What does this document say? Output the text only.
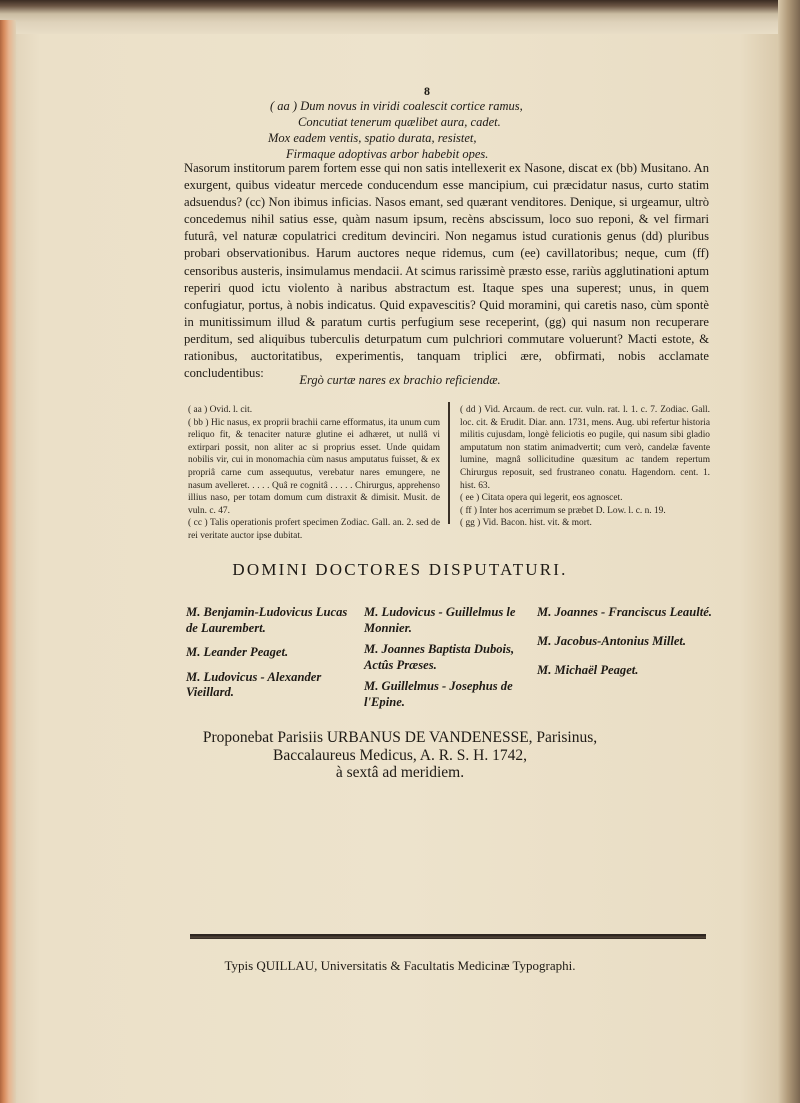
8
( aa ) Dum novus in viridi coalescit cortice ramus,
Concutiat tenerum quælibet aura, cadet.
Mox eadem ventis, spatio durata, resistet,
Firmaque adoptivas arbor habebit opes.

Nasorum institorum parem fortem esse qui non satis intellexerit ex Nasone, discat ex (bb) Musitano. An exurgent, quibus videatur mercede conducendum esse mancipium, cui præcidatur nasus, curto statim adsuendus? (cc) Non ibimus inficias. Nasos emant, sed quærant venditores. Denique, si urgeamur, ultrò concedemus nihil satius esse, quàm nasum ipsum, recèns abscissum, loco suo reponi, & vel firmari futurâ, vel naturæ copulatrici creditum devinciri. Non negamus istud curationis genus (dd) pluribus probari observationibus. Harum auctores neque ridemus, cum (ee) cavillatoribus; neque, cum (ff) censoribus austeris, insimulamus mendacii. At scimus rarissimè præsto esse, rariùs agglutinationi aptum reperiri quod ictu violento à naribus abstractum est. Itaque spes una superest; unus, in quem confugiatur, portus, à nobis indicatus. Quid expavescitis? Quid moramini, qui caretis naso, cùm spontè in munitissimum illud & paratum curtis perfugium sese receperint, (gg) qui nasum non recuperare perditum, sed aliquibus tuberculis deturpatum cum pulchriori commutare voluerunt? Macti estote, & rationibus, auctoritatibus, experimentis, tanquam triplici ære, obfirmati, nobis acclamate concludentibus:	Ergò curtæ nares ex brachio reficiendæ.

( aa ) Ovid. l. cit.

( bb ) Hic nasus, ex proprii brachii carne efformatus, ita unum cum reliquo fit, & tenaciter naturæ glutine ei adhæret, ut nullâ vi extirpari possit, non aliter ac si proprius esset. Unde quidam nobilis vir, cui in monomachia cùm nasus amputatus fuisset, & ex propriâ carne cum assequutus, verebatur nares emungere, ne nasum avelleret. . . . . Quâ re cognitâ . . . . . Chirurgus, apprehenso illius naso, per totam domum cum distraxit & dimisit. Musit. de vuln. c. 47.

( cc ) Talis operationis profert specimen Zodiac. Gall. an. 2. sed de rei veritate auctor ipse dubitat.

( dd ) Vid. Arcaum. de rect. cur. vuln. rat. l. 1. c. 7. Zodiac. Gall. loc. cit. & Erudit. Diar. ann. 1731, mens. Aug. ubi refertur historia militis cujusdam, longè feliciotis eo pugile, qui nasum sibi gladio amputatum non statim animadvertit; cum verò, candelæ favente lumine, magnâ sollicitudine quæsitum ac tandem repertum Chirurgus reposuit, sed frustraneo conatu. Hagendorn. cent. 1. hist. 63.

( ee ) Citata opera qui legerit, eos agnoscet.

( ff ) Inter hos acerrimum se præbet D. Low. l. c. n. 19.

( gg ) Vid. Bacon. hist. vit. & mort.

DOMINI DOCTORES DISPUTATURI.
M. Benjamin-Ludovicus Lucas de Laurembert.
M. Leander Peaget.
M. Ludovicus - Alexander Vieillard.
M. Ludovicus - Guillelmus le Monnier.
M. Joannes Baptista Dubois, Actûs Præses.
M. Guillelmus - Josephus de l'Epine.
M. Joannes - Franciscus Leaulté.
M. Jacobus-Antonius Millet.
M. Michaël Peaget.
Proponebat Parisiis URBANUS DE VANDENESSE, Parisinus,
Baccalaureus Medicus, A. R. S. H. 1742,
à sextâ ad meridiem.
Typis QUILLAU, Universitatis & Facultatis Medicinæ Typographi.
